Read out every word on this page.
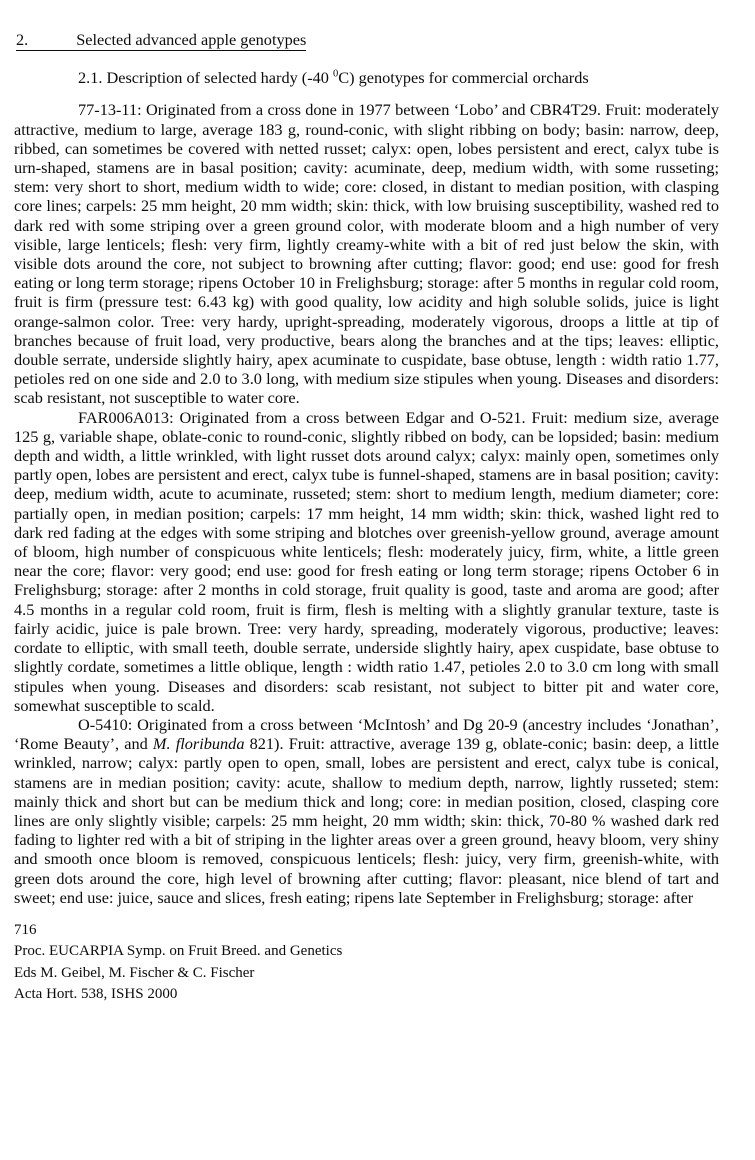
2.	Selected advanced apple genotypes
2.1. Description of selected hardy (-40 $^0$C) genotypes for commercial orchards

77-13-11: Originated from a cross done in 1977 between ‘Lobo’ and CBR4T29. Fruit: moderately attractive, medium to large, average 183 g, round-conic, with slight ribbing on body; basin: narrow, deep, ribbed, can sometimes be covered with netted russet; calyx: open, lobes persistent and erect, calyx tube is urn-shaped, stamens are in basal position; cavity: acuminate, deep, medium width, with some russeting; stem: very short to short, medium width to wide; core: closed, in distant to median position, with clasping core lines; carpels: 25 mm height, 20 mm width; skin: thick, with low bruising susceptibility, washed red to dark red with some striping over a green ground color, with moderate bloom and a high number of very visible, large lenticels; flesh: very firm, lightly creamy-white with a bit of red just below the skin, with visible dots around the core, not subject to browning after cutting; flavor: good; end use: good for fresh eating or long term storage; ripens October 10 in Frelighsburg; storage: after 5 months in regular cold room, fruit is firm (pressure test: 6.43 kg) with good quality, low acidity and high soluble solids, juice is light orange-salmon color. Tree: very hardy, upright-spreading, moderately vigorous, droops a little at tip of branches because of fruit load, very productive, bears along the branches and at the tips; leaves: elliptic, double serrate, underside slightly hairy, apex acuminate to cuspidate, base obtuse, length : width ratio 1.77, petioles red on one side and 2.0 to 3.0 long, with medium size stipules when young. Diseases and disorders: scab resistant, not susceptible to water core.

FAR006A013: Originated from a cross between Edgar and O-521. Fruit: medium size, average 125 g, variable shape, oblate-conic to round-conic, slightly ribbed on body, can be lopsided; basin: medium depth and width, a little wrinkled, with light russet dots around calyx; calyx: mainly open, sometimes only partly open, lobes are persistent and erect, calyx tube is funnel-shaped, stamens are in basal position; cavity: deep, medium width, acute to acuminate, russeted; stem: short to medium length, medium diameter; core: partially open, in median position; carpels: 17 mm height, 14 mm width; skin: thick, washed light red to dark red fading at the edges with some striping and blotches over greenish-yellow ground, average amount of bloom, high number of conspicuous white lenticels; flesh: moderately juicy, firm, white, a little green near the core; flavor: very good; end use: good for fresh eating or long term storage; ripens October 6 in Frelighsburg; storage: after 2 months in cold storage, fruit quality is good, taste and aroma are good; after 4.5 months in a regular cold room, fruit is firm, flesh is melting with a slightly granular texture, taste is fairly acidic, juice is pale brown. Tree: very hardy, spreading, moderately vigorous, productive; leaves: cordate to elliptic, with small teeth, double serrate, underside slightly hairy, apex cuspidate, base obtuse to slightly cordate, sometimes a little oblique, length : width ratio 1.47, petioles 2.0 to 3.0 cm long with small stipules when young. Diseases and disorders: scab resistant, not subject to bitter pit and water core, somewhat susceptible to scald.

O-5410: Originated from a cross between ‘McIntosh’ and Dg 20-9 (ancestry includes ‘Jonathan’, ‘Rome Beauty’, and M. floribunda 821). Fruit: attractive, average 139 g, oblate-conic; basin: deep, a little wrinkled, narrow; calyx: partly open to open, small, lobes are persistent and erect, calyx tube is conical, stamens are in median position; cavity: acute, shallow to medium depth, narrow, lightly russeted; stem: mainly thick and short but can be medium thick and long; core: in median position, closed, clasping core lines are only slightly visible; carpels: 25 mm height, 20 mm width; skin: thick, 70-80 % washed dark red fading to lighter red with a bit of striping in the lighter areas over a green ground, heavy bloom, very shiny and smooth once bloom is removed, conspicuous lenticels; flesh: juicy, very firm, greenish-white, with green dots around the core, high level of browning after cutting; flavor: pleasant, nice blend of tart and sweet; end use: juice, sauce and slices, fresh eating; ripens late September in Frelighsburg; storage: after

716
Proc. EUCARPIA Symp. on Fruit Breed. and Genetics
Eds M. Geibel, M. Fischer & C. Fischer
Acta Hort. 538, ISHS 2000
